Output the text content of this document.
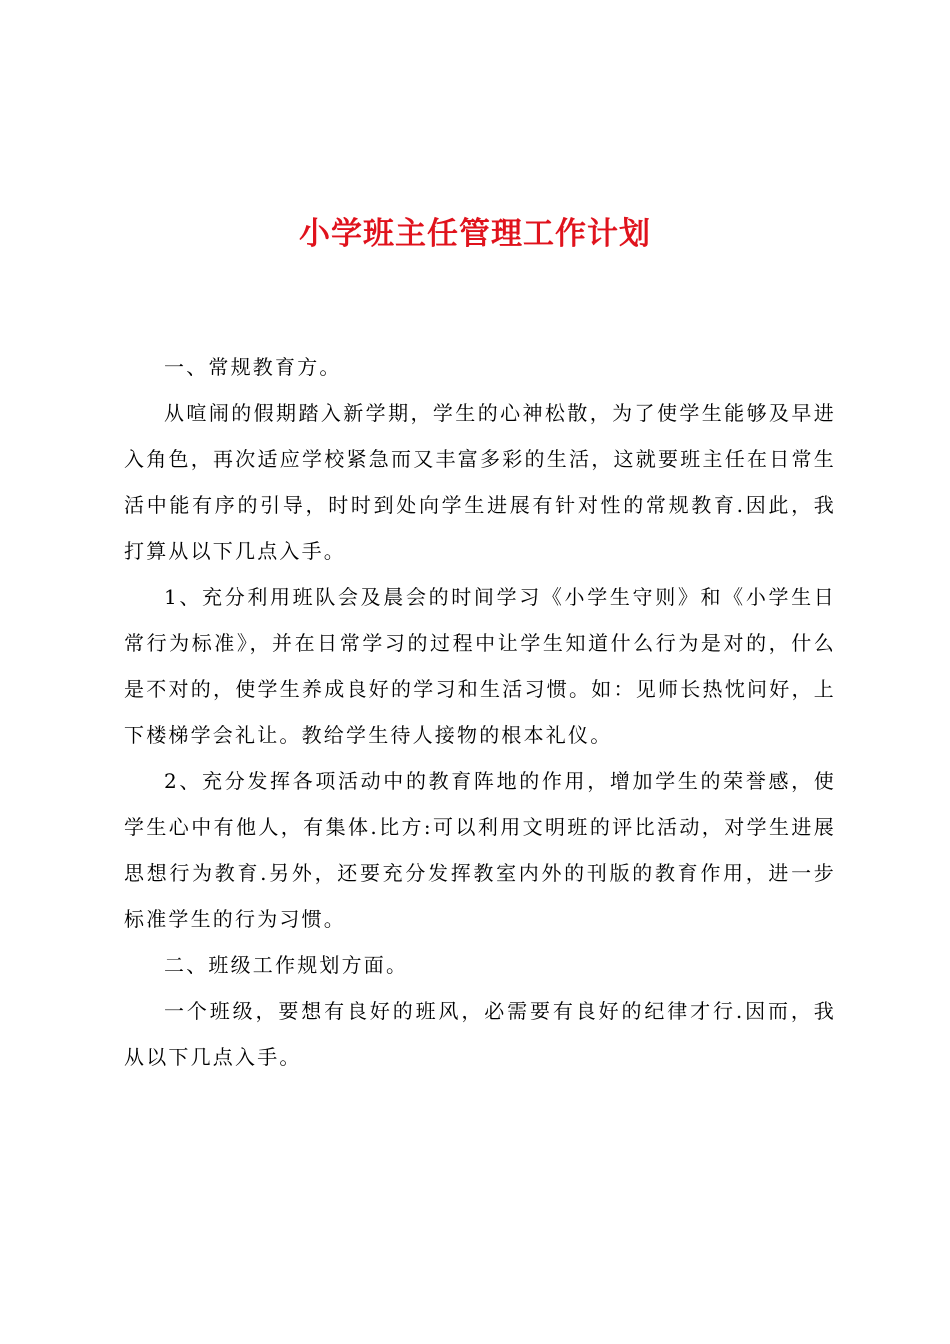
小学班主任管理工作计划

一、常规教育方。

从喧闹的假期踏入新学期，学生的心神松散，为了使学生能够及早进入角色，再次适应学校紧急而又丰富多彩的生活，这就要班主任在日常生活中能有序的引导，时时到处向学生进展有针对性的常规教育.因此，我打算从以下几点入手。

1、充分利用班队会及晨会的时间学习《小学生守则》和《小学生日常行为标准》，并在日常学习的过程中让学生知道什么行为是对的，什么是不对的，使学生养成良好的学习和生活习惯。如：见师长热忱问好，上下楼梯学会礼让。教给学生待人接物的根本礼仪。

2、充分发挥各项活动中的教育阵地的作用，增加学生的荣誉感，使学生心中有他人，有集体.比方:可以利用文明班的评比活动，对学生进展思想行为教育.另外，还要充分发挥教室内外的刊版的教育作用，进一步标准学生的行为习惯。

二、班级工作规划方面。

一个班级，要想有良好的班风，必需要有良好的纪律才行.因而，我从以下几点入手。
